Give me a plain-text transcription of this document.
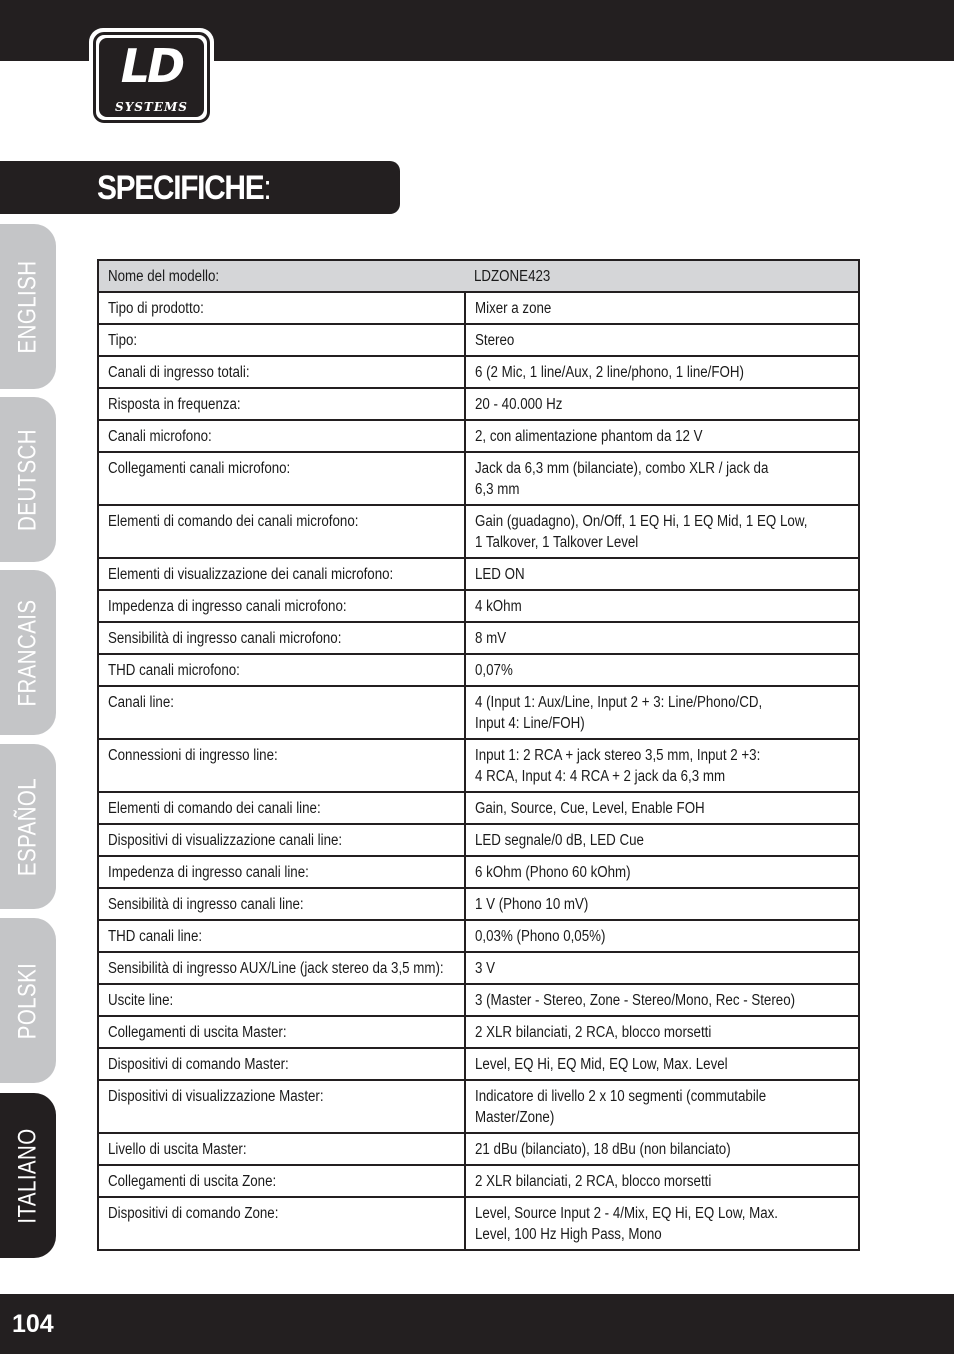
LD
SYSTEMS
SPECIFICHE:
ENGLISH
DEUTSCH
FRANCAIS
ESPAÑOL
POLSKI
ITALIANO
Nome del modello:	LDZONE423
Tipo di prodotto:	Mixer a zone
Tipo:	Stereo
Canali di ingresso totali:	6 (2 Mic, 1 line/Aux, 2 line/phono, 1 line/FOH)
Risposta in frequenza:	20 - 40.000 Hz
Canali microfono:	2, con alimentazione phantom da 12 V
Collegamenti canali microfono:	Jack da 6,3 mm (bilanciate), combo XLR / jack da
6,3 mm
Elementi di comando dei canali microfono:	Gain (guadagno), On/Off, 1 EQ Hi, 1 EQ Mid, 1 EQ Low,
1 Talkover, 1 Talkover Level
Elementi di visualizzazione dei canali microfono:	LED ON
Impedenza di ingresso canali microfono:	4 kOhm
Sensibilità di ingresso canali microfono:	8 mV
THD canali microfono:	0,07%
Canali line:	4 (Input 1: Aux/Line, Input 2 + 3: Line/Phono/CD,
Input 4: Line/FOH)
Connessioni di ingresso line:	Input 1: 2 RCA + jack stereo 3,5 mm, Input 2 +3:
4 RCA, Input 4: 4 RCA + 2 jack da 6,3 mm
Elementi di comando dei canali line:	Gain, Source, Cue, Level, Enable FOH
Dispositivi di visualizzazione canali line:	LED segnale/0 dB, LED Cue
Impedenza di ingresso canali line:	6 kOhm (Phono 60 kOhm)
Sensibilità di ingresso canali line:	1 V (Phono 10 mV)
THD canali line:	0,03% (Phono 0,05%)
Sensibilità di ingresso AUX/Line (jack stereo da 3,5 mm):	3 V
Uscite line:	3 (Master - Stereo, Zone - Stereo/Mono, Rec - Stereo)
Collegamenti di uscita Master:	2 XLR bilanciati, 2 RCA, blocco morsetti
Dispositivi di comando Master:	Level, EQ Hi, EQ Mid, EQ Low, Max. Level
Dispositivi di visualizzazione Master:	Indicatore di livello 2 x 10 segmenti (commutabile
Master/Zone)
Livello di uscita Master:	21 dBu (bilanciato), 18 dBu (non bilanciato)
Collegamenti di uscita Zone:	2 XLR bilanciati, 2 RCA, blocco morsetti
Dispositivi di comando Zone:	Level, Source Input 2 - 4/Mix, EQ Hi, EQ Low, Max.
Level, 100 Hz High Pass, Mono
104
